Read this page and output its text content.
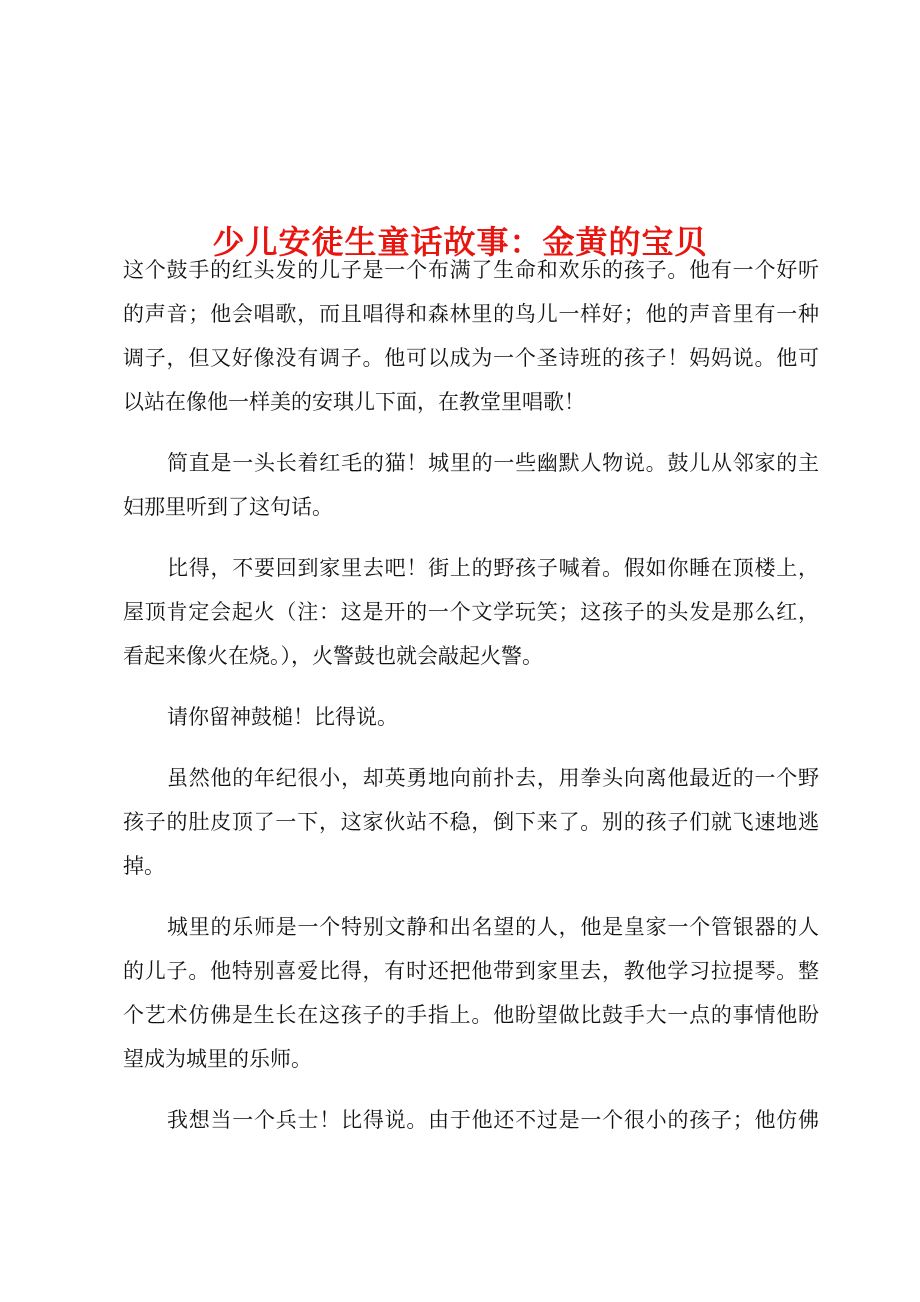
少儿安徒生童话故事：金黄的宝贝
这个鼓手的红头发的儿子是一个布满了生命和欢乐的孩子。他有一个好听
的声音；他会唱歌，而且唱得和森林里的鸟儿一样好；他的声音里有一种
调子，但又好像没有调子。他可以成为一个圣诗班的孩子！妈妈说。他可
以站在像他一样美的安琪儿下面，在教堂里唱歌！
简直是一头长着红毛的猫！城里的一些幽默人物说。鼓儿从邻家的主
妇那里听到了这句话。
比得，不要回到家里去吧！街上的野孩子喊着。假如你睡在顶楼上，
屋顶肯定会起火（注：这是开的一个文学玩笑；这孩子的头发是那么红，
看起来像火在烧。），火警鼓也就会敲起火警。
请你留神鼓槌！比得说。
虽然他的年纪很小，却英勇地向前扑去，用拳头向离他最近的一个野
孩子的肚皮顶了一下，这家伙站不稳，倒下来了。别的孩子们就飞速地逃
掉。
城里的乐师是一个特别文静和出名望的人，他是皇家一个管银器的人
的儿子。他特别喜爱比得，有时还把他带到家里去，教他学习拉提琴。整
个艺术仿佛是生长在这孩子的手指上。他盼望做比鼓手大一点的事情他盼
望成为城里的乐师。
我想当一个兵士！比得说。由于他还不过是一个很小的孩子；他仿佛
